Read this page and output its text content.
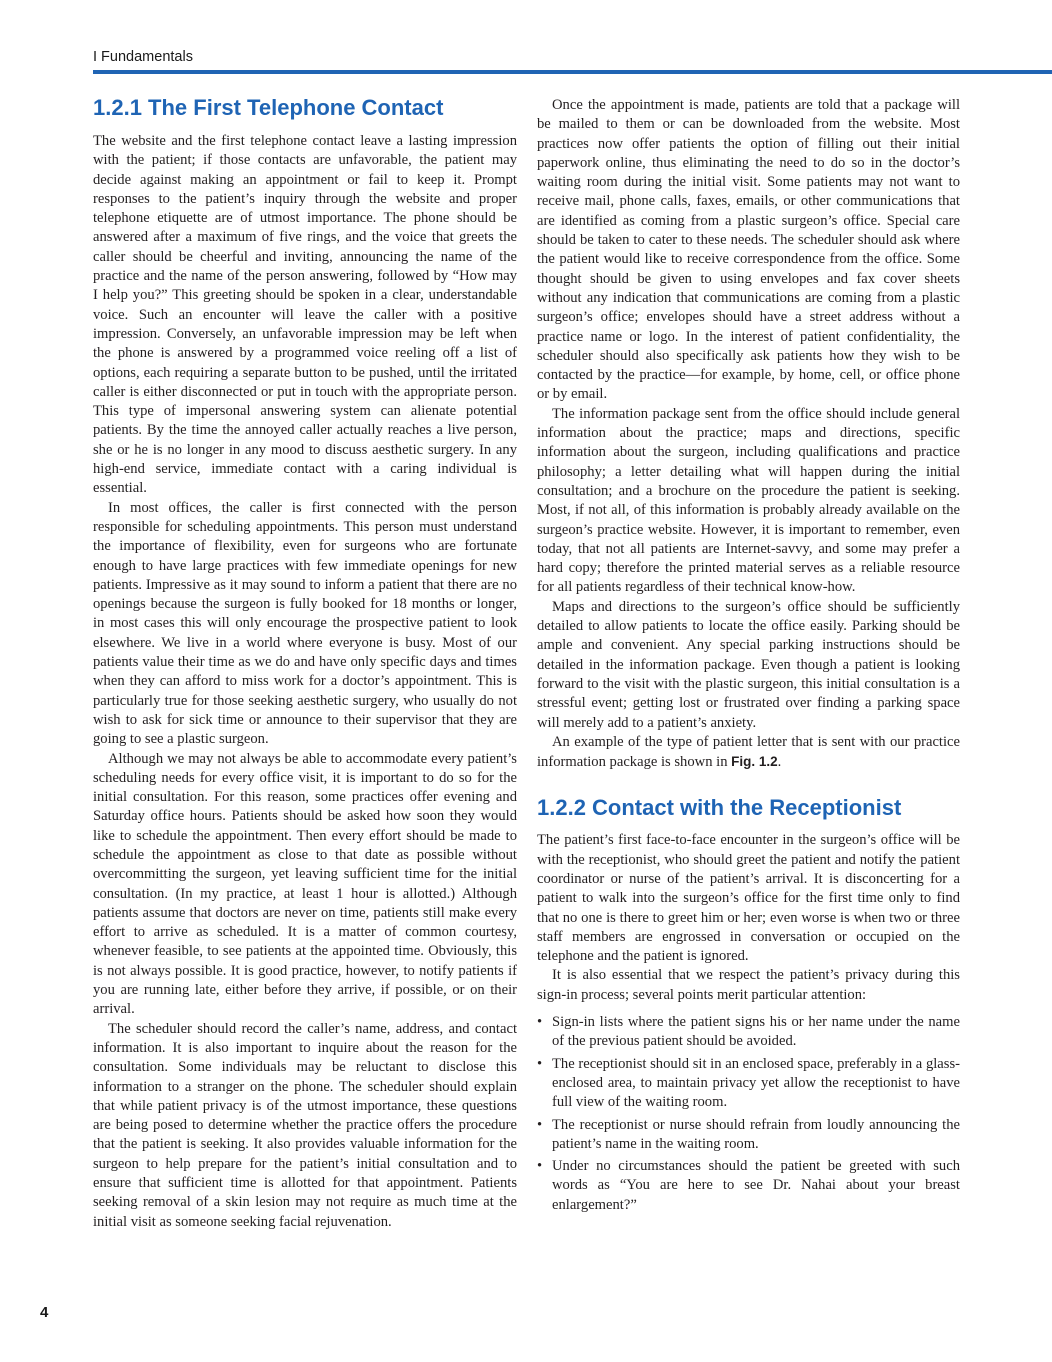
I Fundamentals
1.2.1 The First Telephone Contact

The website and the first telephone contact leave a lasting impression with the patient; if those contacts are unfavorable, the patient may decide against making an appointment or fail to keep it. Prompt responses to the patient’s inquiry through the website and proper telephone etiquette are of utmost importance. The phone should be answered after a maximum of five rings, and the voice that greets the caller should be cheerful and inviting, announcing the name of the practice and the name of the person answering, followed by “How may I help you?” This greeting should be spoken in a clear, understandable voice. Such an encounter will leave the caller with a positive impression. Conversely, an unfavorable impression may be left when the phone is answered by a programmed voice reeling off a list of options, each requiring a separate button to be pushed, until the irritated caller is either disconnected or put in touch with the appropriate person. This type of impersonal answering system can alienate potential patients. By the time the annoyed caller actually reaches a live person, she or he is no longer in any mood to discuss aesthetic surgery. In any high-end service, immediate contact with a caring individual is essential.

In most offices, the caller is first connected with the person responsible for scheduling appointments. This person must understand the importance of flexibility, even for surgeons who are fortunate enough to have large practices with few immediate openings for new patients. Impressive as it may sound to inform a patient that there are no openings because the surgeon is fully booked for 18 months or longer, in most cases this will only encourage the prospective patient to look elsewhere. We live in a world where everyone is busy. Most of our patients value their time as we do and have only specific days and times when they can afford to miss work for a doctor’s appointment. This is particularly true for those seeking aesthetic surgery, who usually do not wish to ask for sick time or announce to their supervisor that they are going to see a plastic surgeon.

Although we may not always be able to accommodate every patient’s scheduling needs for every office visit, it is important to do so for the initial consultation. For this reason, some practices offer evening and Saturday office hours. Patients should be asked how soon they would like to schedule the appointment. Then every effort should be made to schedule the appointment as close to that date as possible without overcommitting the surgeon, yet leaving sufficient time for the initial consultation. (In my practice, at least 1 hour is allotted.) Although patients assume that doctors are never on time, patients still make every effort to arrive as scheduled. It is a matter of common courtesy, whenever feasible, to see patients at the appointed time. Obviously, this is not always possible. It is good practice, however, to notify patients if you are running late, either before they arrive, if possible, or on their arrival.

The scheduler should record the caller’s name, address, and contact information. It is also important to inquire about the reason for the consultation. Some individuals may be reluctant to disclose this information to a stranger on the phone. The scheduler should explain that while patient privacy is of the utmost importance, these questions are being posed to determine whether the practice offers the procedure that the patient is seeking. It also provides valuable information for the surgeon to help prepare for the patient’s initial consultation and to ensure that sufficient time is allotted for that appointment. Patients seeking removal of a skin lesion may not require as much time at the initial visit as someone seeking facial rejuvenation.

Once the appointment is made, patients are told that a package will be mailed to them or can be downloaded from the website. Most practices now offer patients the option of filling out their initial paperwork online, thus eliminating the need to do so in the doctor’s waiting room during the initial visit. Some patients may not want to receive mail, phone calls, faxes, emails, or other communications that are identified as coming from a plastic surgeon’s office. Special care should be taken to cater to these needs. The scheduler should ask where the patient would like to receive correspondence from the office. Some thought should be given to using envelopes and fax cover sheets without any indication that communications are coming from a plastic surgeon’s office; envelopes should have a street address without a practice name or logo. In the interest of patient confidentiality, the scheduler should also specifically ask patients how they wish to be contacted by the practice—for example, by home, cell, or office phone or by email.

The information package sent from the office should include general information about the practice; maps and directions, specific information about the surgeon, including qualifications and practice philosophy; a letter detailing what will happen during the initial consultation; and a brochure on the procedure the patient is seeking. Most, if not all, of this information is probably already available on the surgeon’s practice website. However, it is important to remember, even today, that not all patients are Internet-savvy, and some may prefer a hard copy; therefore the printed material serves as a reliable resource for all patients regardless of their technical know-how.

Maps and directions to the surgeon’s office should be sufficiently detailed to allow patients to locate the office easily. Parking should be ample and convenient. Any special parking instructions should be detailed in the information package. Even though a patient is looking forward to the visit with the plastic surgeon, this initial consultation is a stressful event; getting lost or frustrated over finding a parking space will merely add to a patient’s anxiety.

An example of the type of patient letter that is sent with our practice information package is shown in Fig. 1.2.

1.2.2 Contact with the Receptionist

The patient’s first face-to-face encounter in the surgeon’s office will be with the receptionist, who should greet the patient and notify the patient coordinator or nurse of the patient’s arrival. It is disconcerting for a patient to walk into the surgeon’s office for the first time only to find that no one is there to greet him or her; even worse is when two or three staff members are engrossed in conversation or occupied on the telephone and the patient is ignored.

It is also essential that we respect the patient’s privacy during this sign-in process; several points merit particular attention:

• Sign-in lists where the patient signs his or her name under the name of the previous patient should be avoided.
• The receptionist should sit in an enclosed space, preferably in a glass-enclosed area, to maintain privacy yet allow the receptionist to have full view of the waiting room.
• The receptionist or nurse should refrain from loudly announcing the patient’s name in the waiting room.
• Under no circumstances should the patient be greeted with such words as “You are here to see Dr. Nahai about your breast enlargement?”
4
